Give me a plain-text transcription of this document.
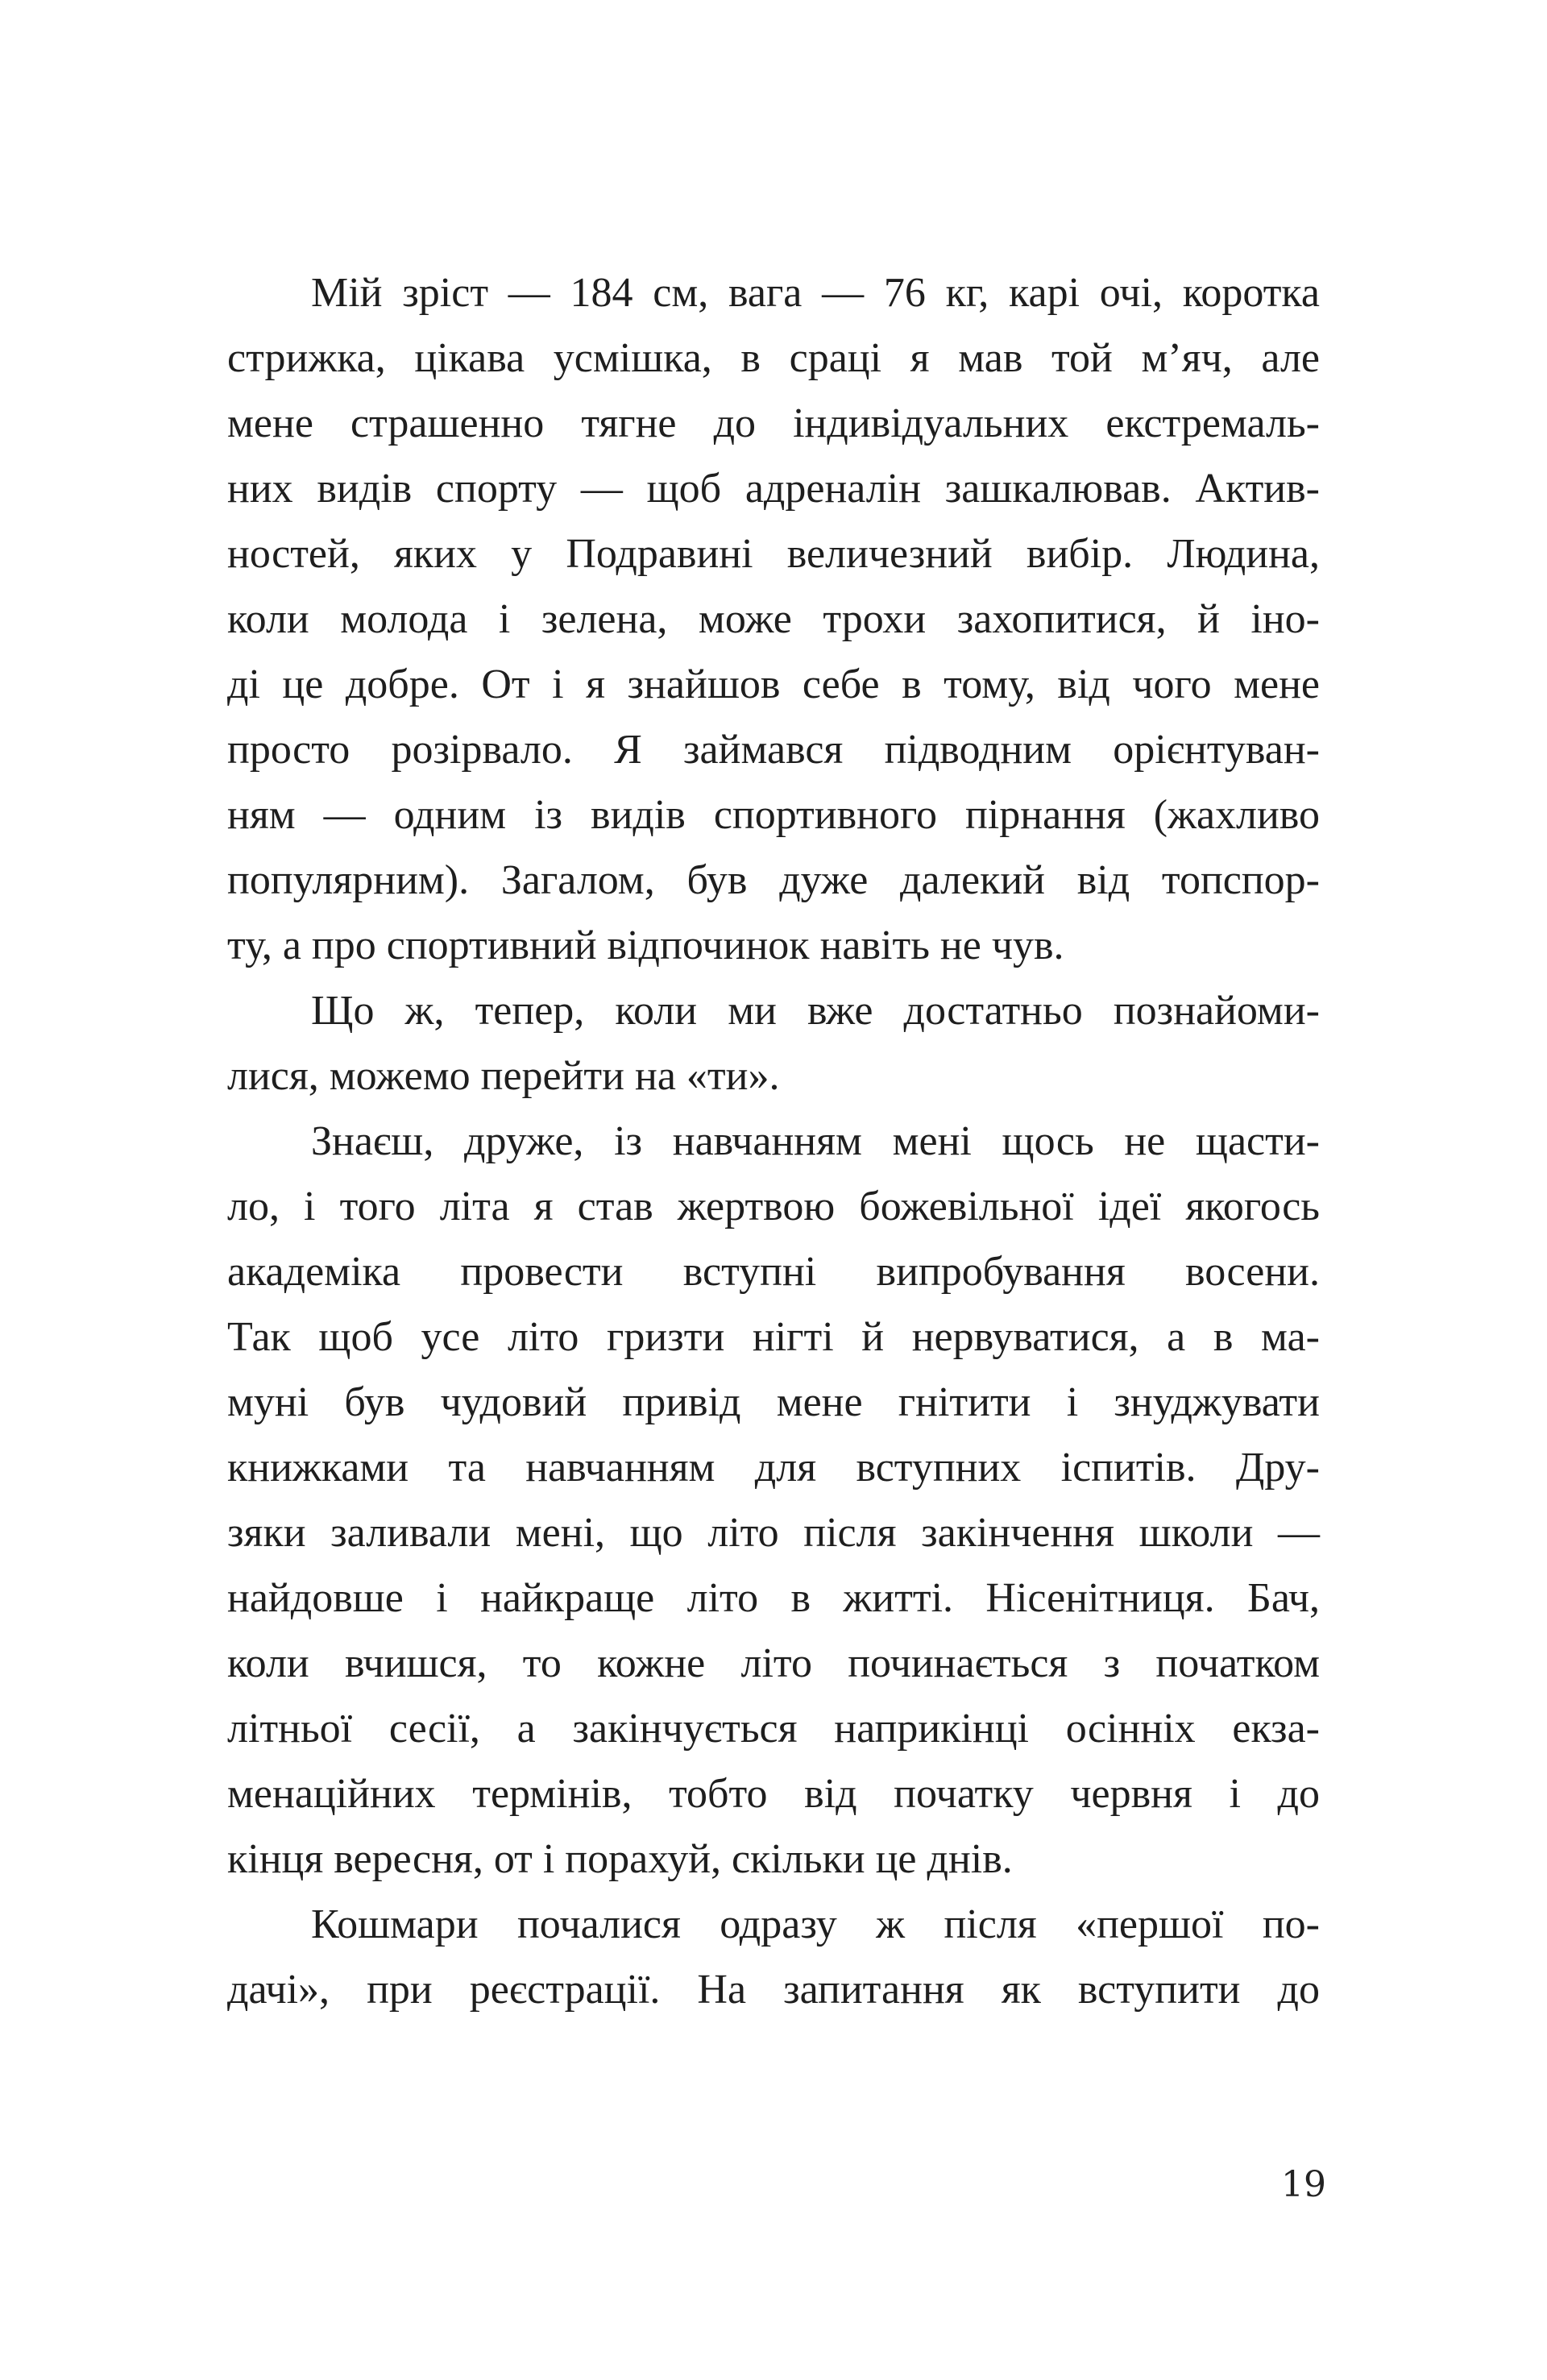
Мій зріст — 184 см, вага — 76 кг, карі очі, коротка
стрижка, цікава усмішка, в сраці я мав той м’яч, але
мене страшенно тягне до індивідуальних екстремаль-
них видів спорту — щоб адреналін зашкалював. Актив-
ностей, яких у Подравині величезний вибір. Людина,
коли молода і зелена, може трохи захопитися, й іно-
ді це добре. От і я знайшов себе в тому, від чого мене
просто розірвало. Я займався підводним орієнтуван-
ням — одним із видів спортивного пірнання (жахливо
популярним). Загалом, був дуже далекий від топспор-
ту, а про спортивний відпочинок навіть не чув.
Що ж, тепер, коли ми вже достатньо познайоми-
лися, можемо перейти на «ти».
Знаєш, друже, із навчанням мені щось не щасти-
ло, і того літа я став жертвою божевільної ідеї якогось
академіка провести вступні випробування восени.
Так щоб усе літо гризти нігті й нервуватися, а в ма-
муні був чудовий привід мене гнітити і знуджувати
книжками та навчанням для вступних іспитів. Дру-
зяки заливали мені, що літо після закінчення школи —
найдовше і найкраще літо в житті. Нісенітниця. Бач,
коли вчишся, то кожне літо починається з початком
літньої сесії, а закінчується наприкінці осінніх екза-
менаційних термінів, тобто від початку червня і до
кінця вересня, от і порахуй, скільки це днів.
Кошмари почалися одразу ж після «першої по-
дачі», при реєстрації. На запитання як вступити до
19
